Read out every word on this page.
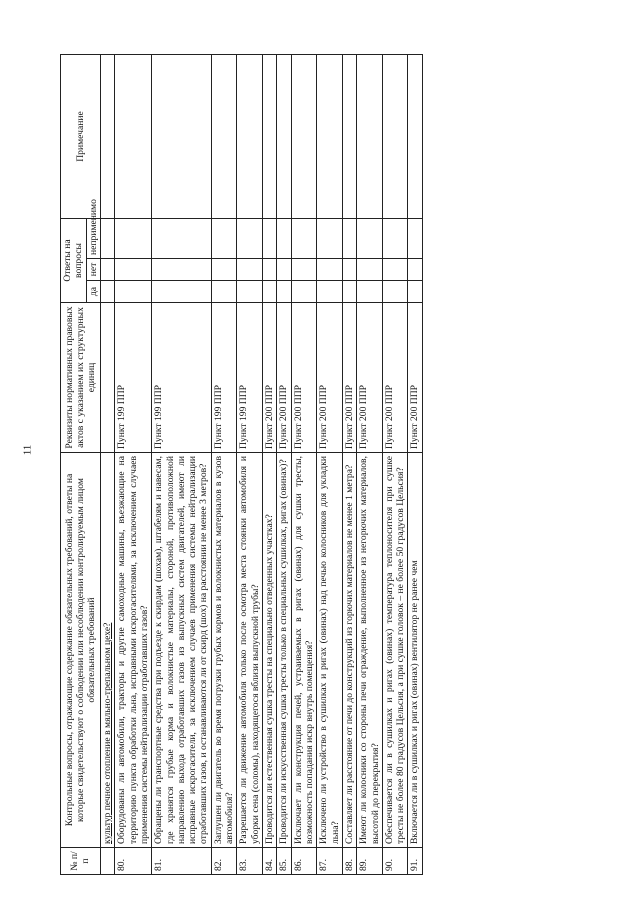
11
№ п/п	Контрольные вопросы, отражающие содержание обязательных требований, ответы на которые свидетельствуют о соблюдении или несоблюдении контролируемым лицом обязательных требований	Реквизиты нормативных правовых актов с указанием их структурных единиц	Ответы на вопросы			Примечание
			да	нет	неприменимо	
	культур печное отопление в мяльно-трепальном цехе?					
80.	Оборудованы ли автомобили, тракторы и другие самоходные машины, въезжающие на территорию пункта обработки льна, исправными искрогасителями, за исключением случаев применения системы нейтрализации отработавших газов?	Пункт 199 ППР				
81.	Обращены ли транспортные средства при подъезде к скирдам (шохам), штабелям и навесам, где хранятся грубые корма и волокнистые материалы, стороной, противоположной направлению выхода отработавших газов из выпускных систем двигателей, имеют ли исправные искрогасители, за исключением случаев применения системы нейтрализации отработавших газов, и останавливаются ли от скирд (шох) на расстоянии не менее 3 метров?	Пункт 199 ППР				
82.	Заглушен ли двигатель во время погрузки грубых кормов и волокнистых материалов в кузов автомобиля?	Пункт 199 ППР				
83.	Разрешается ли движение автомобиля только после осмотра места стоянки автомобиля и уборки сена (соломы), находящегося вблизи выпускной трубы?	Пункт 199 ППР				
84.	Проводится ли естественная сушка тресты на специально отведенных участках?	Пункт 200 ППР				
85.	Проводится ли искусственная сушка тресты только в специальных сушилках, ригах (овинах)?	Пункт 200 ППР				
86.	Исключает ли конструкция печей, устраиваемых в ригах (овинах) для сушки тресты, возможность попадания искр внутрь помещения?	Пункт 200 ППР				
87.	Исключено ли устройство в сушилках и ригах (овинах) над печью колосников для укладки льна?	Пункт 200 ППР				
88.	Составляет ли расстояние от печи до конструкций из горючих материалов не менее 1 метра?	Пункт 200 ППР				
89.	Имеют ли колосники со стороны печи ограждение, выполненное из негорючих материалов, высотой до перекрытия?	Пункт 200 ППР				
90.	Обеспечивается ли в сушилках и ригах (овинах) температура теплоносителя при сушке тресты не более 80 градусов Цельсия, а при сушке головок – не более 50 градусов Цельсия?	Пункт 200 ППР				
91.	Включается ли в сушилках и ригах (овинах) вентилятор не ранее чем	Пункт 200 ППР				
